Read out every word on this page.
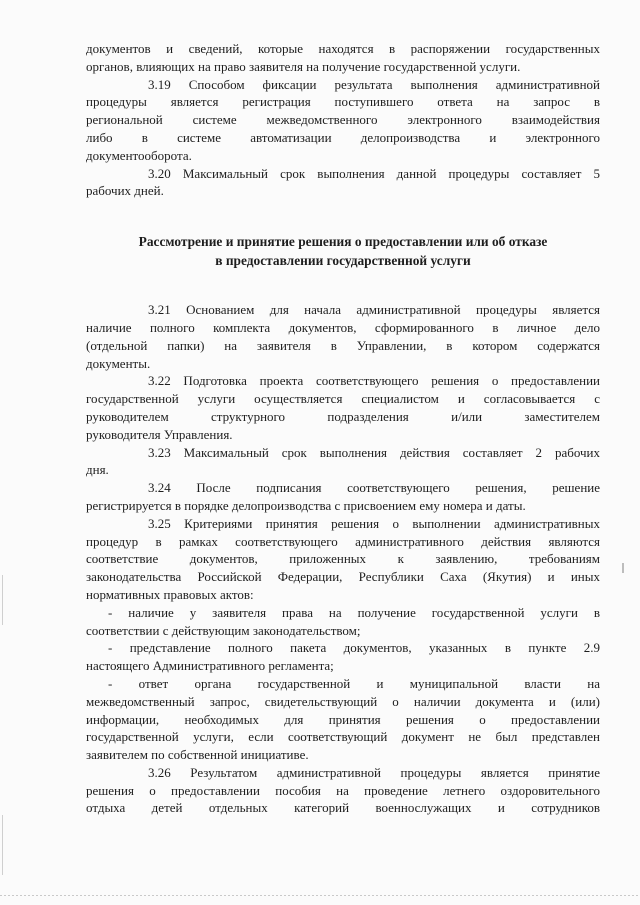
документов и сведений, которые находятся в распоряжении государственных
органов, влияющих на право заявителя на получение государственной услуги.
3.19 Способом фиксации результата выполнения административной
процедуры является регистрация поступившего ответа на запрос в
региональной системе межведомственного электронного взаимодействия
либо в системе автоматизации делопроизводства и электронного
документооборота.
3.20 Максимальный срок выполнения данной процедуры составляет 5
рабочих дней.
Рассмотрение и принятие решения о предоставлении или об отказе
в предоставлении государственной услуги
3.21 Основанием для начала административной процедуры является
наличие полного комплекта документов, сформированного в личное дело
(отдельной папки) на заявителя в Управлении, в котором содержатся
документы.
3.22 Подготовка проекта соответствующего решения о предоставлении
государственной услуги осуществляется специалистом и согласовывается с
руководителем структурного подразделения и/или заместителем
руководителя Управления.
3.23 Максимальный срок выполнения действия составляет 2 рабочих
дня.
3.24 После подписания соответствующего решения, решение
регистрируется в порядке делопроизводства с присвоением ему номера и даты.
3.25 Критериями принятия решения о выполнении административных
процедур в рамках соответствующего административного действия являются
соответствие документов, приложенных к заявлению, требованиям
законодательства Российской Федерации, Республики Саха (Якутия) и иных
нормативных правовых актов:
- наличие у заявителя права на получение государственной услуги в
соответствии с действующим законодательством;
- представление полного пакета документов, указанных в пункте 2.9
настоящего Административного регламента;
- ответ органа государственной и муниципальной власти на
межведомственный запрос, свидетельствующий о наличии документа и (или)
информации, необходимых для принятия решения о предоставлении
государственной услуги, если соответствующий документ не был представлен
заявителем по собственной инициативе.
3.26 Результатом административной процедуры является принятие
решения о предоставлении пособия на проведение летнего оздоровительного
отдыха детей отдельных категорий военнослужащих и сотрудников
